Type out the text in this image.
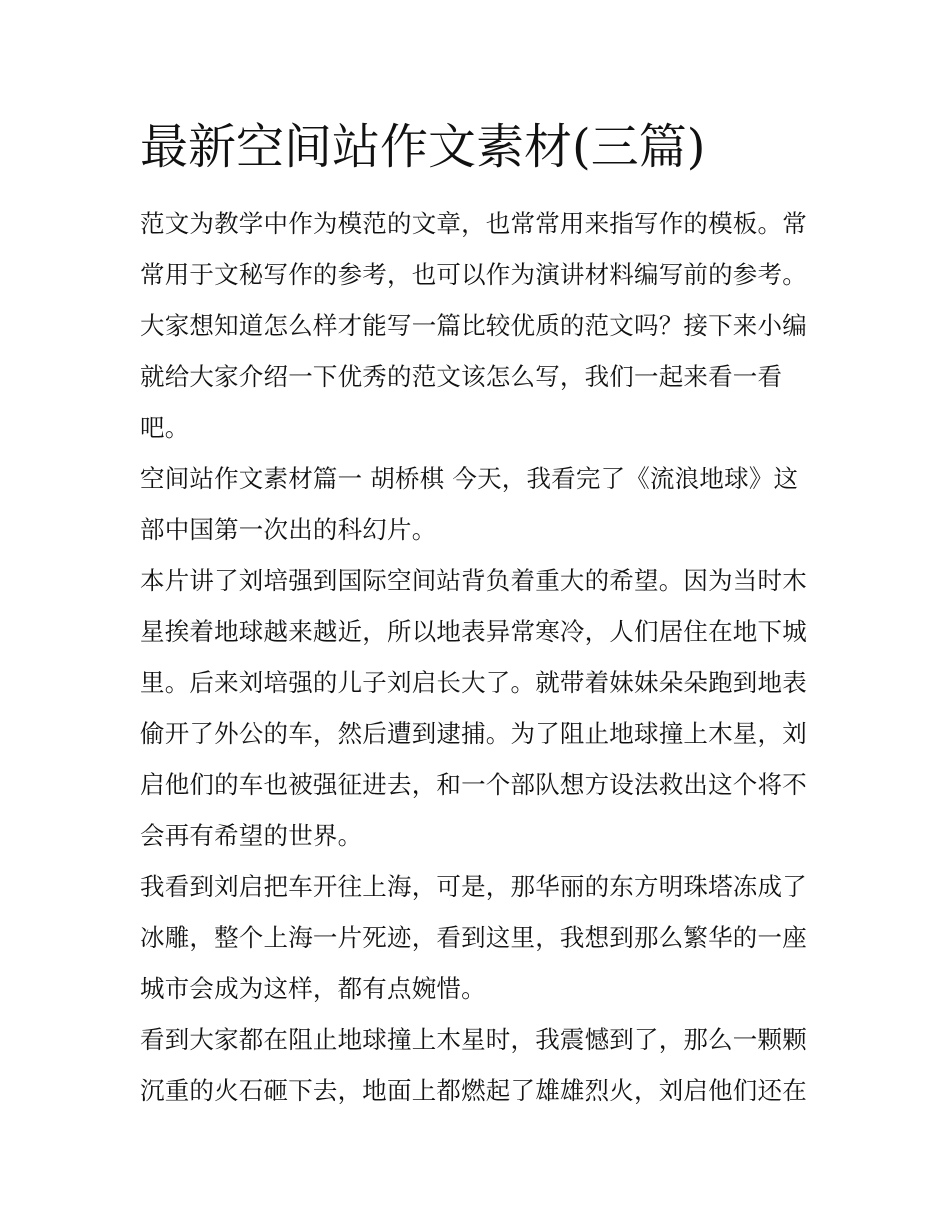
最新空间站作文素材(三篇)

范文为教学中作为模范的文章，也常常用来指写作的模板。常
常用于文秘写作的参考，也可以作为演讲材料编写前的参考。
大家想知道怎么样才能写一篇比较优质的范文吗？接下来小编
就给大家介绍一下优秀的范文该怎么写，我们一起来看一看
吧。

空间站作文素材篇一 胡桥棋 今天，我看完了《流浪地球》这
部中国第一次出的科幻片。

本片讲了刘培强到国际空间站背负着重大的希望。因为当时木
星挨着地球越来越近，所以地表异常寒冷，人们居住在地下城
里。后来刘培强的儿子刘启长大了。就带着妹妹朵朵跑到地表
偷开了外公的车，然后遭到逮捕。为了阻止地球撞上木星，刘
启他们的车也被强征进去，和一个部队想方设法救出这个将不
会再有希望的世界。

我看到刘启把车开往上海，可是，那华丽的东方明珠塔冻成了
冰雕，整个上海一片死迹，看到这里，我想到那么繁华的一座
城市会成为这样，都有点婉惜。

看到大家都在阻止地球撞上木星时，我震憾到了，那么一颗颗
沉重的火石砸下去，地面上都燃起了雄雄烈火，刘启他们还在
